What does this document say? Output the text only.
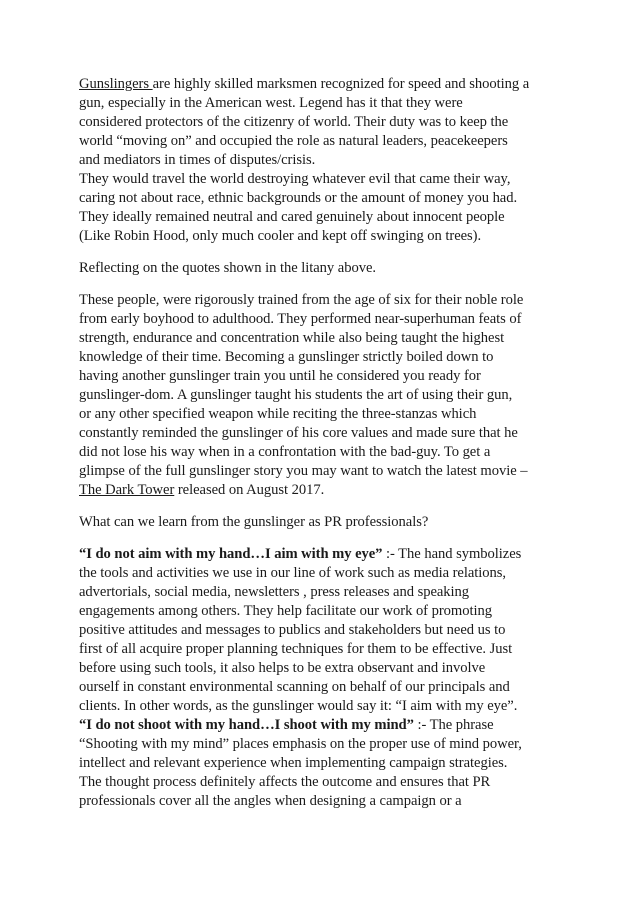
Gunslingers are highly skilled marksmen recognized for speed and shooting a
gun, especially in the American west. Legend has it that they were
considered protectors of the citizenry of world. Their duty was to keep the
world “moving on” and occupied the role as natural leaders, peacekeepers
and mediators in times of disputes/crisis.
They would travel the world destroying whatever evil that came their way,
caring not about race, ethnic backgrounds or the amount of money you had.
They ideally remained neutral and cared genuinely about innocent people
(Like Robin Hood, only much cooler and kept off swinging on trees).
Reflecting on the quotes shown in the litany above.
These people, were rigorously trained from the age of six for their noble role
from early boyhood to adulthood. They performed near-superhuman feats of
strength, endurance and concentration while also being taught the highest
knowledge of their time. Becoming a gunslinger strictly boiled down to
having another gunslinger train you until he considered you ready for
gunslinger-dom. A gunslinger taught his students the art of using their gun,
or any other specified weapon while reciting the three-stanzas which
constantly reminded the gunslinger of his core values and made sure that he
did not lose his way when in a confrontation with the bad-guy. To get a
glimpse of the full gunslinger story you may want to watch the latest movie –
The Dark Tower released on August 2017.
What can we learn from the gunslinger as PR professionals?
“I do not aim with my hand…I aim with my eye” :- The hand symbolizes
the tools and activities we use in our line of work such as media relations,
advertorials, social media, newsletters , press releases and speaking
engagements among others. They help facilitate our work of promoting
positive attitudes and messages to publics and stakeholders but need us to
first of all acquire proper planning techniques for them to be effective. Just
before using such tools, it also helps to be extra observant and involve
ourself in constant environmental scanning on behalf of our principals and
clients. In other words, as the gunslinger would say it: “I aim with my eye”.
“I do not shoot with my hand…I shoot with my mind” :- The phrase
“Shooting with my mind” places emphasis on the proper use of mind power,
intellect and relevant experience when implementing campaign strategies.
The thought process definitely affects the outcome and ensures that PR
professionals cover all the angles when designing a campaign or a
